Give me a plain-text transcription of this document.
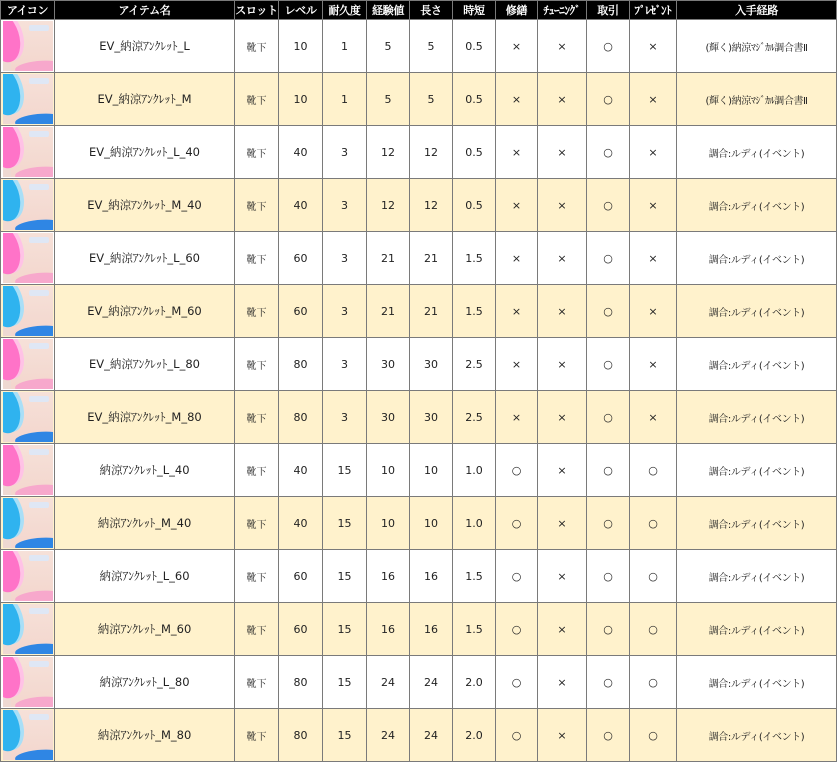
アイコン	アイテム名	スロット	レベル	耐久度	経験値	長さ	時短	修繕	ﾁｭｰﾆﾝｸﾞ	取引	ﾌﾟﾚｾﾞﾝﾄ	入手経路

	EV_納涼ｱﾝｸﾚｯﾄ_L	靴下	10	1	5	5	0.5	×	×	○	×	(輝く)納涼ﾏｼﾞｶﾙ調合書Ⅱ

	EV_納涼ｱﾝｸﾚｯﾄ_M	靴下	10	1	5	5	0.5	×	×	○	×	(輝く)納涼ﾏｼﾞｶﾙ調合書Ⅱ

	EV_納涼ｱﾝｸﾚｯﾄ_L_40	靴下	40	3	12	12	0.5	×	×	○	×	調合:ルディ(イベント)

	EV_納涼ｱﾝｸﾚｯﾄ_M_40	靴下	40	3	12	12	0.5	×	×	○	×	調合:ルディ(イベント)

	EV_納涼ｱﾝｸﾚｯﾄ_L_60	靴下	60	3	21	21	1.5	×	×	○	×	調合:ルディ(イベント)

	EV_納涼ｱﾝｸﾚｯﾄ_M_60	靴下	60	3	21	21	1.5	×	×	○	×	調合:ルディ(イベント)

	EV_納涼ｱﾝｸﾚｯﾄ_L_80	靴下	80	3	30	30	2.5	×	×	○	×	調合:ルディ(イベント)

	EV_納涼ｱﾝｸﾚｯﾄ_M_80	靴下	80	3	30	30	2.5	×	×	○	×	調合:ルディ(イベント)

	納涼ｱﾝｸﾚｯﾄ_L_40	靴下	40	15	10	10	1.0	○	×	○	○	調合:ルディ(イベント)

	納涼ｱﾝｸﾚｯﾄ_M_40	靴下	40	15	10	10	1.0	○	×	○	○	調合:ルディ(イベント)

	納涼ｱﾝｸﾚｯﾄ_L_60	靴下	60	15	16	16	1.5	○	×	○	○	調合:ルディ(イベント)

	納涼ｱﾝｸﾚｯﾄ_M_60	靴下	60	15	16	16	1.5	○	×	○	○	調合:ルディ(イベント)

	納涼ｱﾝｸﾚｯﾄ_L_80	靴下	80	15	24	24	2.0	○	×	○	○	調合:ルディ(イベント)

	納涼ｱﾝｸﾚｯﾄ_M_80	靴下	80	15	24	24	2.0	○	×	○	○	調合:ルディ(イベント)
